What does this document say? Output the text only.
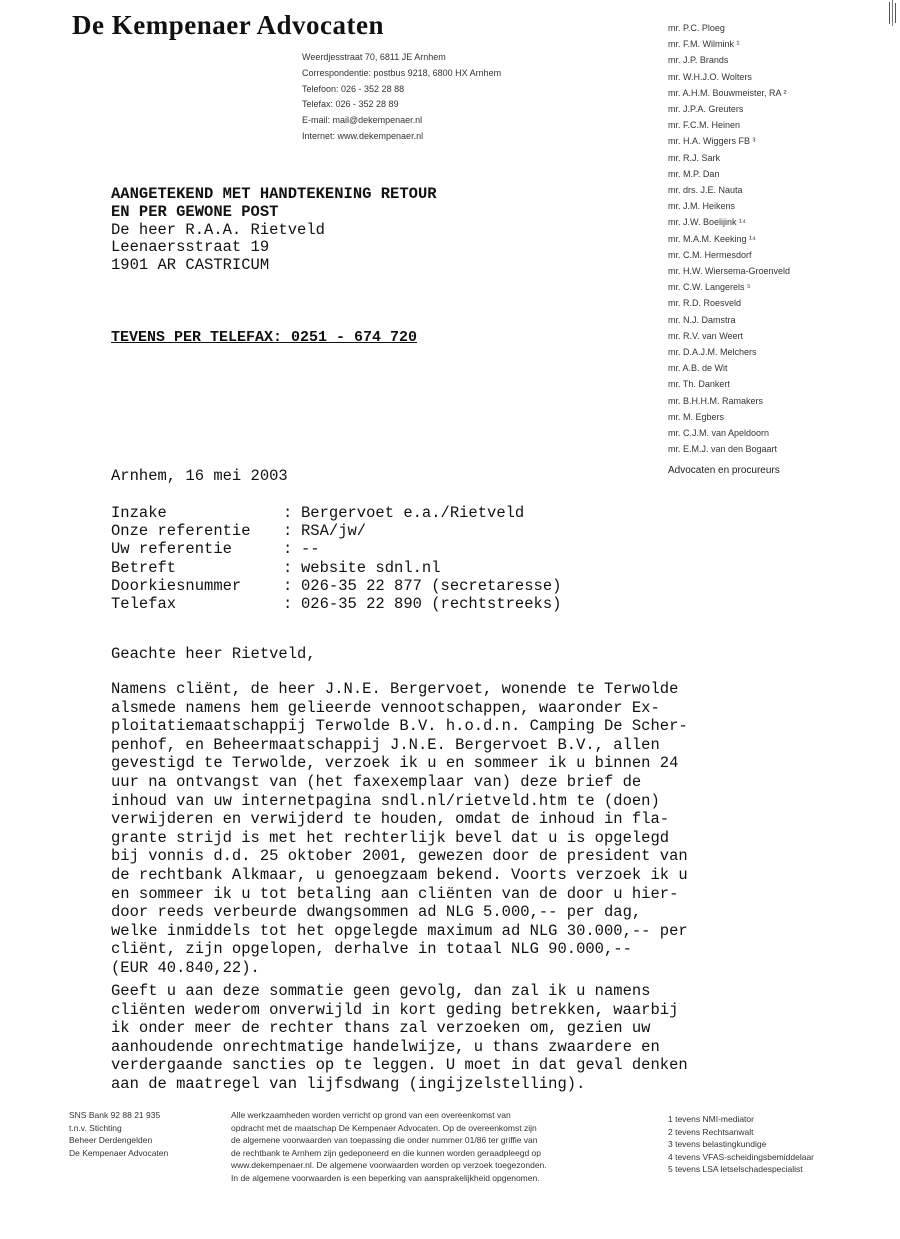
De Kempenaer Advocaten
Weerdjesstraat 70, 6811 JE Arnhem
Correspondentie: postbus 9218, 6800 HX Arnhem
Telefoon: 026 - 352 28 88
Telefax: 026 - 352 28 89
E-mail: mail@dekempenaer.nl
Internet: www.dekempenaer.nl
mr. P.C. Ploeg
mr. F.M. Wilmink ¹
mr. J.P. Brands
mr. W.H.J.O. Wolters
mr. A.H.M. Bouwmeister, RA ²
mr. J.P.A. Greuters
mr. F.C.M. Heinen
mr. H.A. Wiggers FB ³
mr. R.J. Sark
mr. M.P. Dan
mr. drs. J.E. Nauta
mr. J.M. Heikens
mr. J.W. Boelijink ¹⁴
mr. M.A.M. Keeking ¹⁴
mr. C.M. Hermesdorf
mr. H.W. Wiersema-Groenveld
mr. C.W. Langerels ⁵
mr. R.D. Roesveld
mr. N.J. Damstra
mr. R.V. van Weert
mr. D.A.J.M. Melchers
mr. A.B. de Wit
mr. Th. Dankert
mr. B.H.H.M. Ramakers
mr. M. Egbers
mr. C.J.M. van Apeldoorn
mr. E.M.J. van den Bogaart
Advocaten en procureurs
AANGETEKEND MET HANDTEKENING RETOUR
EN PER GEWONE POST
De heer R.A.A. Rietveld
Leenaersstraat 19
1901 AR CASTRICUM
TEVENS PER TELEFAX: 0251 - 674 720
Arnhem, 16 mei 2003
Inzake	: Bergervoet e.a./Rietveld
Onze referentie	: RSA/jw/
Uw referentie	: --
Betreft	: website sdnl.nl
Doorkiesnummer	: 026-35 22 877 (secretaresse)
Telefax	: 026-35 22 890 (rechtstreeks)
Geachte heer Rietveld,
Namens cliënt, de heer J.N.E. Bergervoet, wonende te Terwolde
alsmede namens hem gelieerde vennootschappen, waaronder Ex-
ploitatiemaatschappij Terwolde B.V. h.o.d.n. Camping De Scher-
penhof, en Beheermaatschappij J.N.E. Bergervoet B.V., allen
gevestigd te Terwolde, verzoek ik u en sommeer ik u binnen 24
uur na ontvangst van (het faxexemplaar van) deze brief de
inhoud van uw internetpagina sndl.nl/rietveld.htm te (doen)
verwijderen en verwijderd te houden, omdat de inhoud in fla-
grante strijd is met het rechterlijk bevel dat u is opgelegd
bij vonnis d.d. 25 oktober 2001, gewezen door de president van
de rechtbank Alkmaar, u genoegzaam bekend. Voorts verzoek ik u
en sommeer ik u tot betaling aan cliënten van de door u hier-
door reeds verbeurde dwangsommen ad NLG 5.000,-- per dag,
welke inmiddels tot het opgelegde maximum ad NLG 30.000,-- per
cliënt, zijn opgelopen, derhalve in totaal NLG 90.000,--
(EUR 40.840,22).
Geeft u aan deze sommatie geen gevolg, dan zal ik u namens
cliënten wederom onverwijld in kort geding betrekken, waarbij
ik onder meer de rechter thans zal verzoeken om, gezien uw
aanhoudende onrechtmatige handelwijze, u thans zwaardere en
verdergaande sancties op te leggen. U moet in dat geval denken
aan de maatregel van lijfsdwang (ingijzelstelling).
SNS Bank 92 88 21 935
t.n.v. Stichting
Beheer Derdengelden
De Kempenaer Advocaten
Alle werkzaamheden worden verricht op grond van een overeenkomst van
opdracht met de maatschap De Kempenaer Advocaten. Op de overeenkomst zijn
de algemene voorwaarden van toepassing die onder nummer 01/86 ter griffie van
de rechtbank te Arnhem zijn gedeponeerd en die kunnen worden geraadpleegd op
www.dekempenaer.nl. De algemene voorwaarden worden op verzoek toegezonden.
In de algemene voorwaarden is een beperking van aansprakelijkheid opgenomen.
1 tevens NMI-mediator
2 tevens Rechtsanwalt
3 tevens belastingkundige
4 tevens VFAS-scheidingsbemiddelaar
5 tevens LSA letselschadespecialist
